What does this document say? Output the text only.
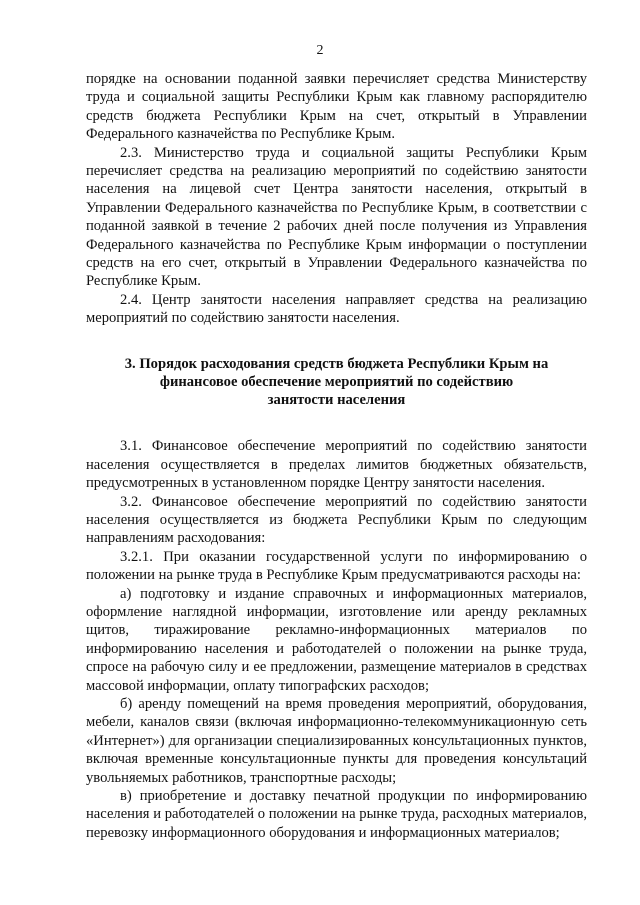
2

порядке на основании поданной заявки перечисляет средства Министерству труда и социальной защиты Республики Крым как главному распорядителю средств бюджета Республики Крым на счет, открытый в Управлении Федерального казначейства по Республике Крым.

2.3. Министерство труда и социальной защиты Республики Крым перечисляет средства на реализацию мероприятий по содействию занятости населения на лицевой счет Центра занятости населения, открытый в Управлении Федерального казначейства по Республике Крым, в соответствии с поданной заявкой в течение 2 рабочих дней после получения из Управления Федерального казначейства по Республике Крым информации о поступлении средств на его счет, открытый в Управлении Федерального казначейства по Республике Крым.

2.4. Центр занятости населения направляет средства на реализацию мероприятий по содействию занятости населения.

3. Порядок расходования средств бюджета Республики Крым на
финансовое обеспечение мероприятий по содействию
занятости населения

3.1. Финансовое обеспечение мероприятий по содействию занятости населения осуществляется в пределах лимитов бюджетных обязательств, предусмотренных в установленном порядке Центру занятости населения.

3.2. Финансовое обеспечение мероприятий по содействию занятости населения осуществляется из бюджета Республики Крым по следующим направлениям расходования:

3.2.1. При оказании государственной услуги по информированию о положении на рынке труда в Республике Крым предусматриваются расходы на:

а) подготовку и издание справочных и информационных материалов, оформление наглядной информации, изготовление или аренду рекламных щитов, тиражирование рекламно-информационных материалов по информированию населения и работодателей о положении на рынке труда, спросе на рабочую силу и ее предложении, размещение материалов в средствах массовой информации, оплату типографских расходов;

б) аренду помещений на время проведения мероприятий, оборудования, мебели, каналов связи (включая информационно-телекоммуникационную сеть «Интернет») для организации специализированных консультационных пунктов, включая временные консультационные пункты для проведения консультаций увольняемых работников, транспортные расходы;

в) приобретение и доставку печатной продукции по информированию населения и работодателей о положении на рынке труда, расходных материалов, перевозку информационного оборудования и информационных материалов;
